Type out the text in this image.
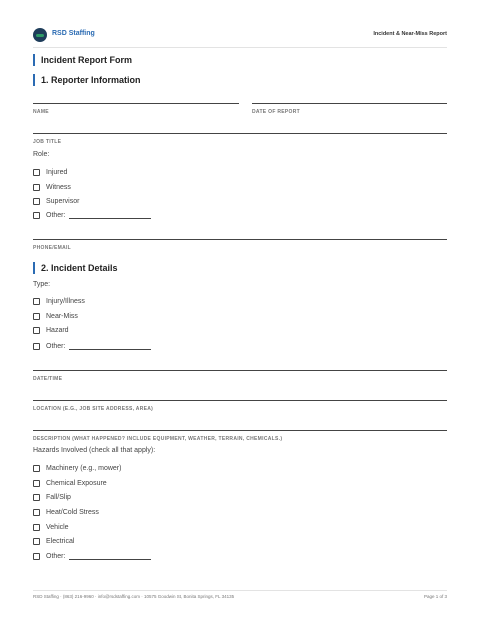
RSD Staffing	Incident & Near-Miss Report
Incident Report Form
1. Reporter Information
NAME	DATE OF REPORT
JOB TITLE
Role:
Injured
Witness
Supervisor
Other:
PHONE/EMAIL
2. Incident Details
Type:
Injury/Illness
Near-Miss
Hazard
Other:
DATE/TIME
LOCATION (E.G., JOB SITE ADDRESS, AREA)
DESCRIPTION (WHAT HAPPENED? INCLUDE EQUIPMENT, WEATHER, TERRAIN, CHEMICALS.)
Hazards Involved (check all that apply):
Machinery (e.g., mower)
Chemical Exposure
Fall/Slip
Heat/Cold Stress
Vehicle
Electrical
Other:
RSD Staffing · (863) 216-9960 · info@rsdstaffing.com · 10575 Goodwin St, Bonita Springs, FL 34135	Page 1 of 3
